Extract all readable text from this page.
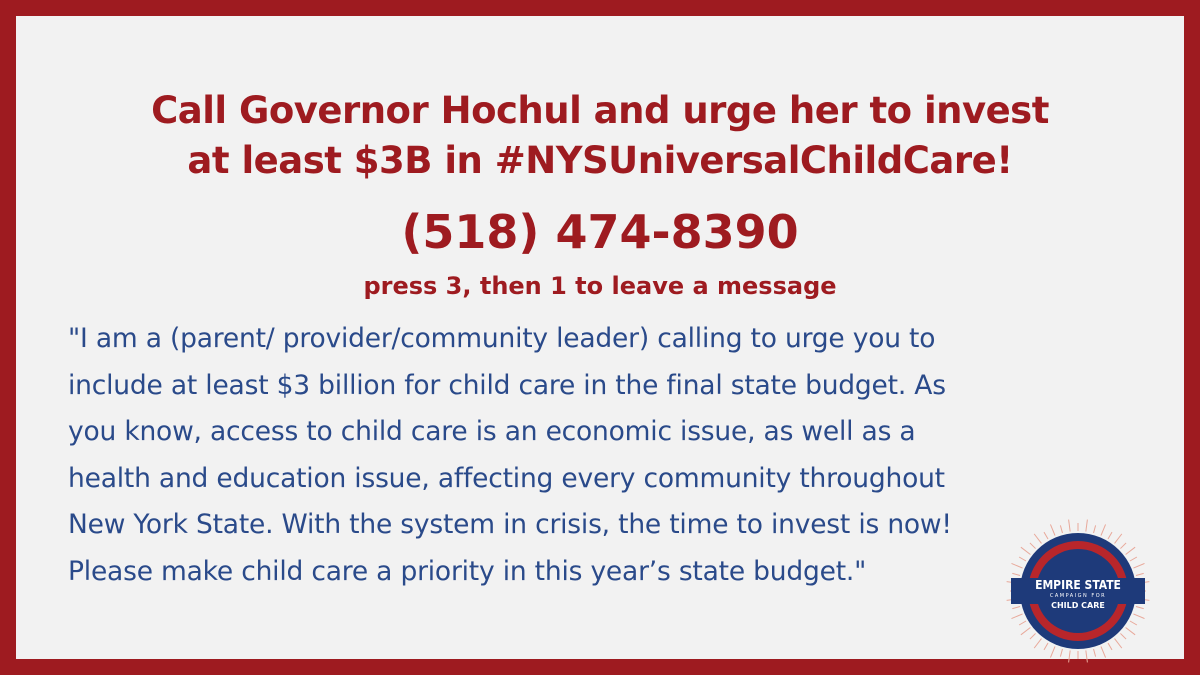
Call Governor Hochul and urge her to invest
at least $3B in #NYSUniversalChildCare!
(518) 474-8390
press 3, then 1 to leave a message
"I am a (parent/ provider/community leader) calling to urge you to
include at least $3 billion for child care in the final state budget. As
you know, access to child care is an economic issue, as well as a
health and education issue, affecting every community throughout
New York State. With the system in crisis, the time to invest is now!
Please make child care a priority in this year’s state budget."	EMPIRE STATE
CAMPAIGN FOR
CHILD CARE
